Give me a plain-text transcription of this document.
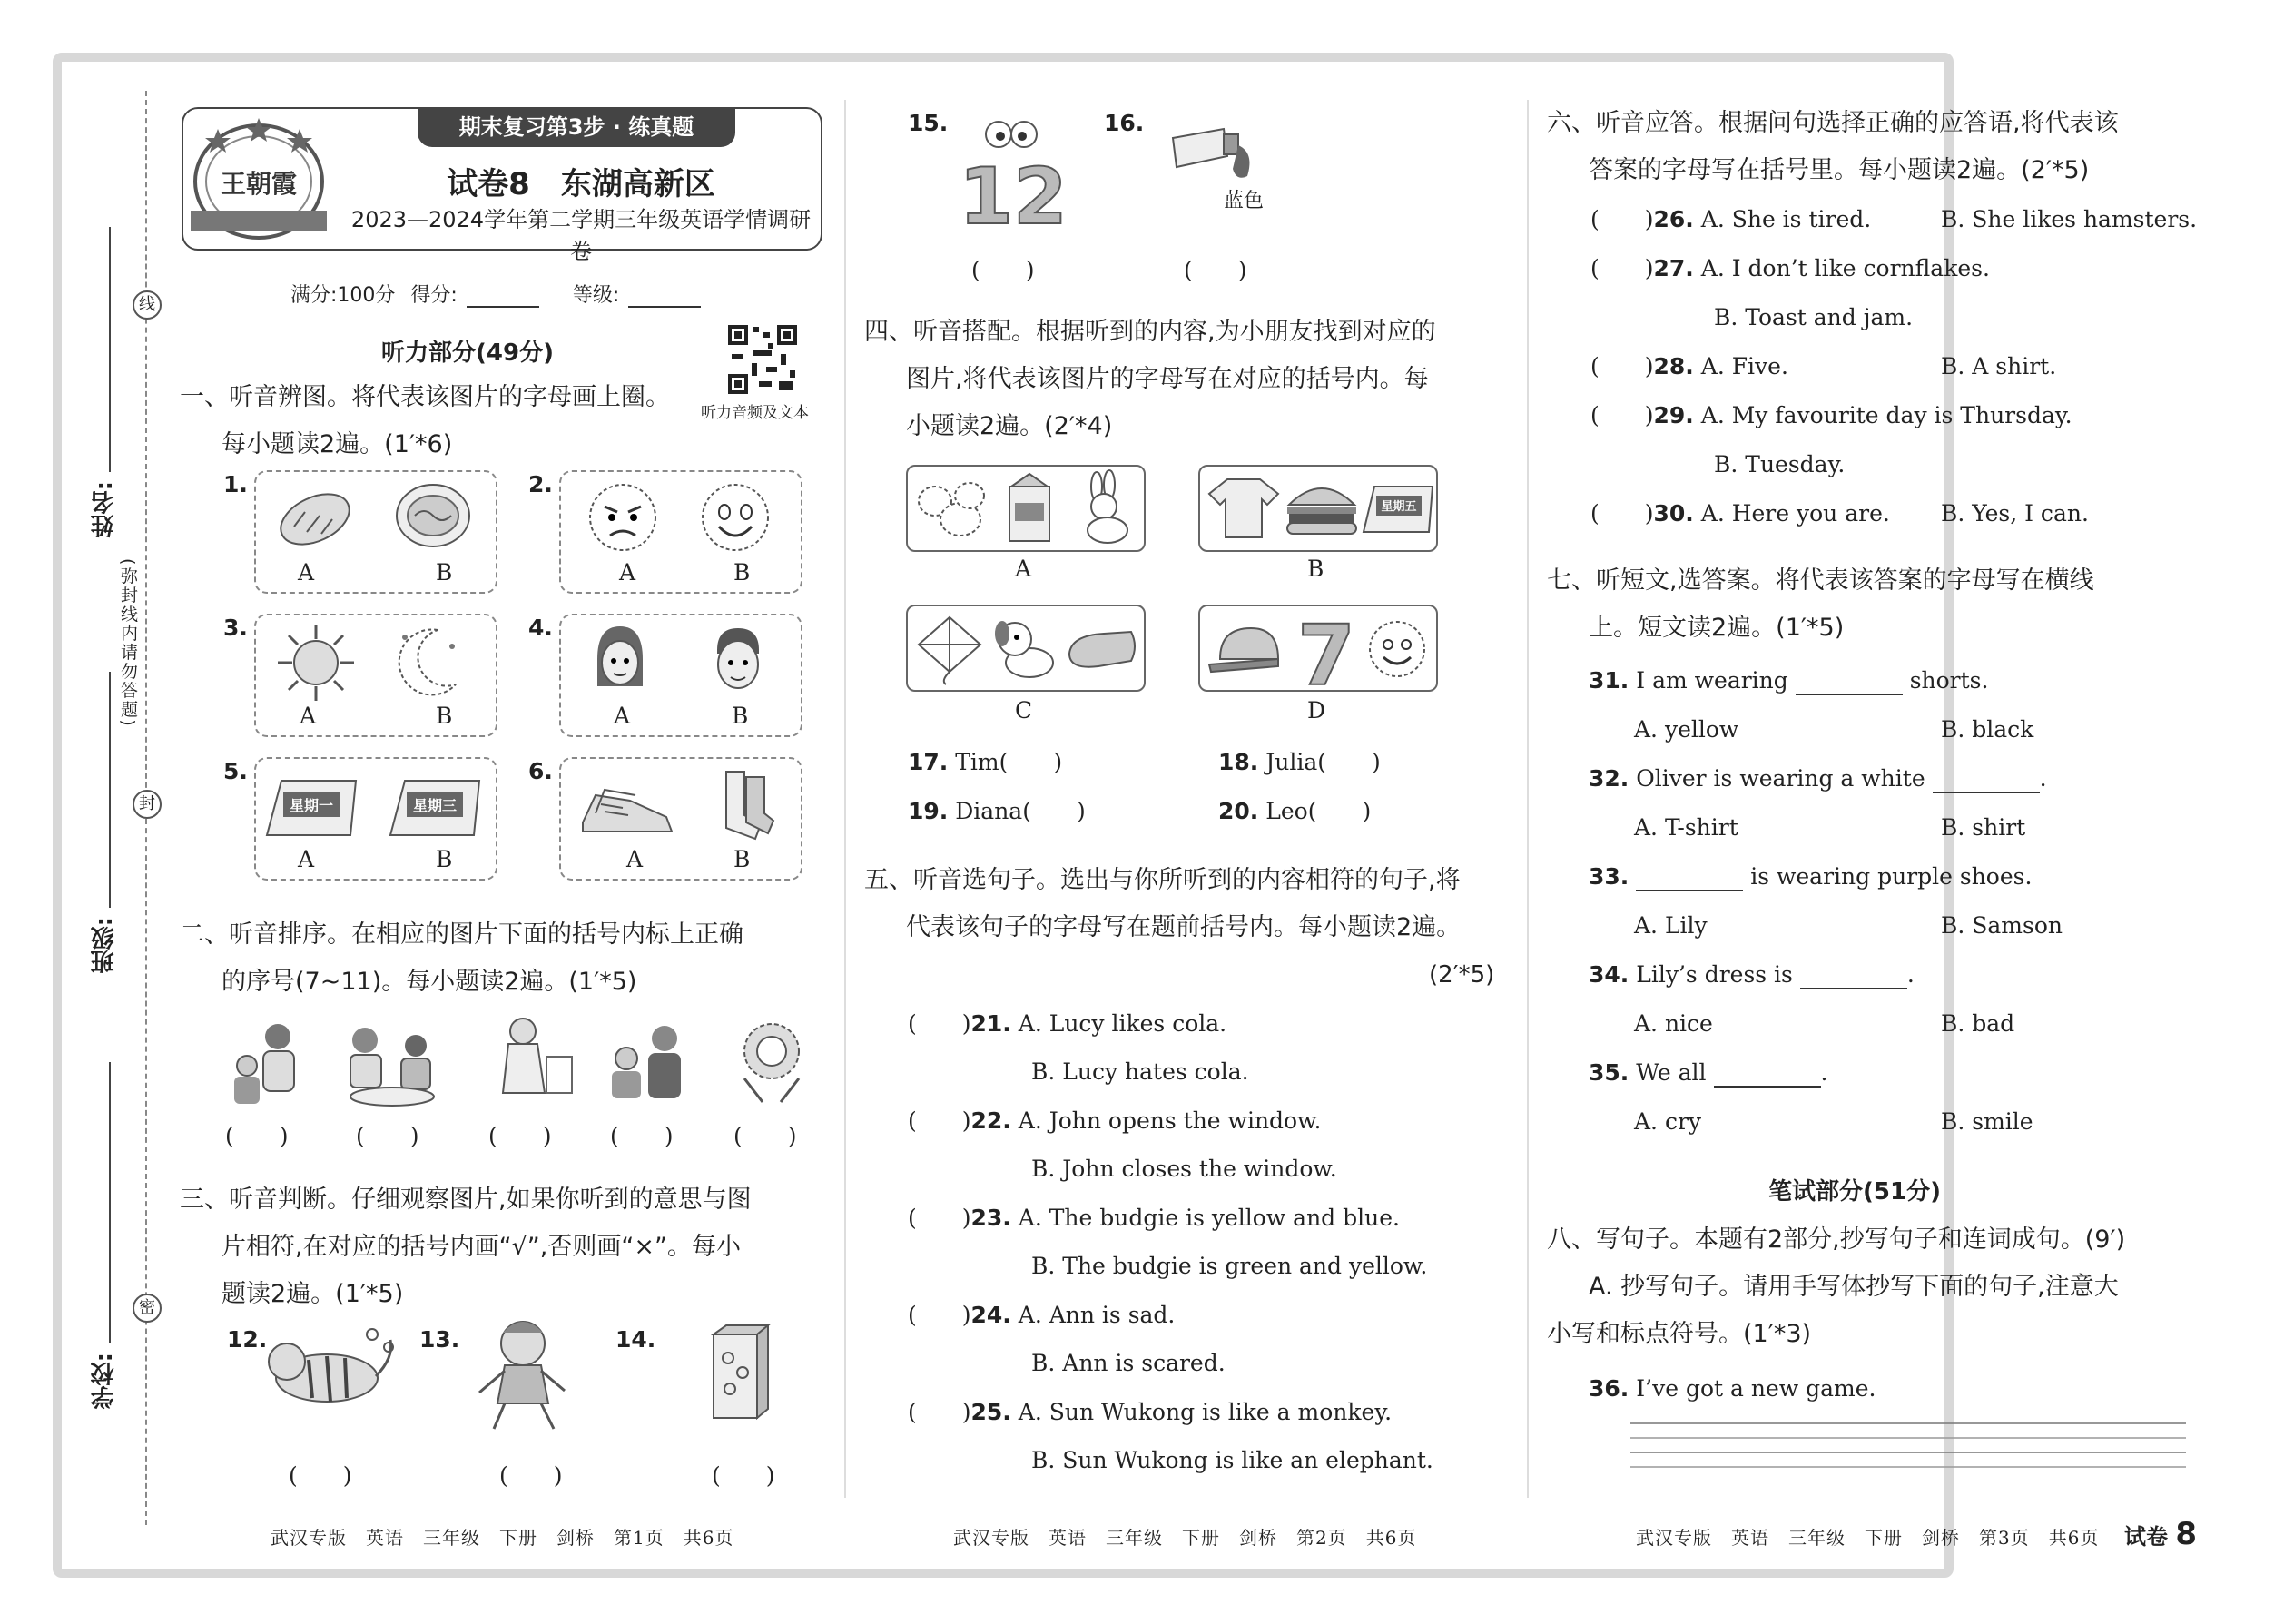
姓名:
班级:
学校:
线
封
密
(弥封线内请勿答题)
王朝霞
期末复习第3步 · 练真题
试卷8　东湖高新区
2023—2024学年第二学期三年级英语学情调研卷
满分:100分 得分:	等级:
听力音频及文本
听力部分(49分)
一、听音辨图。将代表该图片的字母画上圈。
每小题读2遍。(1′*6)
1.
A	B
2.
A	B
3.
A	B
4.
A	B
5.
星期一	星期三
A	B
6.
A	B
二、听音排序。在相应的图片下面的括号内标上正确
的序号(7~11)。每小题读2遍。(1′*5)
(　　)	(　　)	(　　)	(　　)	(　　)
三、听音判断。仔细观察图片,如果你听到的意思与图
片相符,在对应的括号内画“√”,否则画“×”。每小
题读2遍。(1′*5)
12.	13.	14.
(　　)	(　　)	(　　)
15.
12
16.
蓝色
(　　)	(　　)
四、听音搭配。根据听到的内容,为小朋友找到对应的
图片,将代表该图片的字母写在对应的括号内。每
小题读2遍。(2′*4)
A
星期五
B
C
7
D
17. Tim(　　)	18. Julia(　　)
19. Diana(　　)	20. Leo(　　)
五、听音选句子。选出与你所听到的内容相符的句子,将
代表该句子的字母写在题前括号内。每小题读2遍。
(2′*5)
(　　)21. A. Lucy likes cola.
B. Lucy hates cola.
(　　)22. A. John opens the window.
B. John closes the window.
(　　)23. A. The budgie is yellow and blue.
B. The budgie is green and yellow.
(　　)24. A. Ann is sad.
B. Ann is scared.
(　　)25. A. Sun Wukong is like a monkey.
B. Sun Wukong is like an elephant.
六、听音应答。根据问句选择正确的应答语,将代表该
答案的字母写在括号里。每小题读2遍。(2′*5)
(　　)26. A. She is tired.	B. She likes hamsters.
(　　)27. A. I don’t like cornflakes.
B. Toast and jam.
(　　)28. A. Five.	B. A shirt.
(　　)29. A. My favourite day is Thursday.
B. Tuesday.
(　　)30. A. Here you are. B. Yes, I can.
七、听短文,选答案。将代表该答案的字母写在横线
上。短文读2遍。(1′*5)
31. I am wearing	shorts.
A. yellow	B. black
32. Oliver is wearing a white	.
A. T-shirt	B. shirt
33.	is wearing purple shoes.
A. Lily	B. Samson
34. Lily’s dress is	.
A. nice	B. bad
35. We all	.
A. cry	B. smile
笔试部分(51分)
八、写句子。本题有2部分,抄写句子和连词成句。(9′)
A. 抄写句子。请用手写体抄写下面的句子,注意大
小写和标点符号。(1′*3)
36. I’ve got a new game.
武汉专版　英语　三年级　下册　剑桥　第1页　共6页	武汉专版　英语　三年级　下册　剑桥　第2页　共6页	武汉专版　英语　三年级　下册　剑桥　第3页　共6页 试卷 8
